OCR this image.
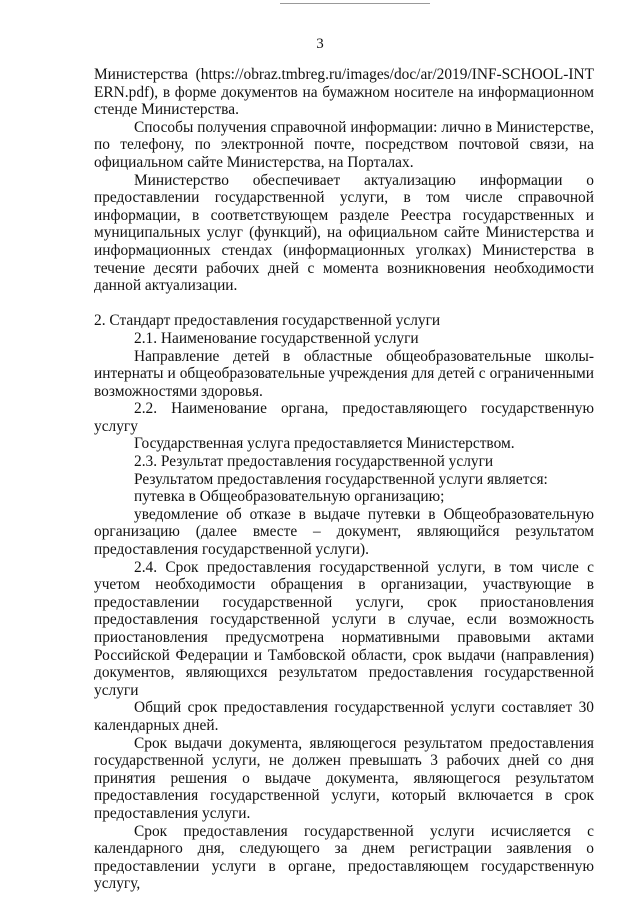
3

Министерства (https://obraz.tmbreg.ru/images/doc/ar/2019/INF-SCHOOL-INTERN.pdf), в форме документов на бумажном носителе на информационном стенде Министерства.

Способы получения справочной информации: лично в Министерстве, по телефону, по электронной почте, посредством почтовой связи, на официальном сайте Министерства, на Порталах.

Министерство обеспечивает актуализацию информации о предоставлении государственной услуги, в том числе справочной информации, в соответствующем разделе Реестра государственных и муниципальных услуг (функций), на официальном сайте Министерства и информационных стендах (информационных уголках) Министерства в течение десяти рабочих дней с момента возникновения необходимости данной актуализации.

2. Стандарт предоставления государственной услуги

2.1. Наименование государственной услуги

Направление детей в областные общеобразовательные школы-интернаты и общеобразовательные учреждения для детей с ограниченными возможностями здоровья.

2.2. Наименование органа, предоставляющего государственную услугу

Государственная услуга предоставляется Министерством.

2.3. Результат предоставления государственной услуги

Результатом предоставления государственной услуги является:

путевка в Общеобразовательную организацию;

уведомление об отказе в выдаче путевки в Общеобразовательную организацию (далее вместе – документ, являющийся результатом предоставления государственной услуги).

2.4. Срок предоставления государственной услуги, в том числе с учетом необходимости обращения в организации, участвующие в предоставлении государственной услуги, срок приостановления предоставления государственной услуги в случае, если возможность приостановления предусмотрена нормативными правовыми актами Российской Федерации и Тамбовской области, срок выдачи (направления) документов, являющихся результатом предоставления государственной услуги

Общий срок предоставления государственной услуги составляет 30 календарных дней.

Срок выдачи документа, являющегося результатом предоставления государственной услуги, не должен превышать 3 рабочих дней со дня принятия решения о выдаче документа, являющегося результатом предоставления государственной услуги, который включается в срок предоставления услуги.

Срок предоставления государственной услуги исчисляется с календарного дня, следующего за днем регистрации заявления о предоставлении услуги в органе, предоставляющем государственную услугу,
